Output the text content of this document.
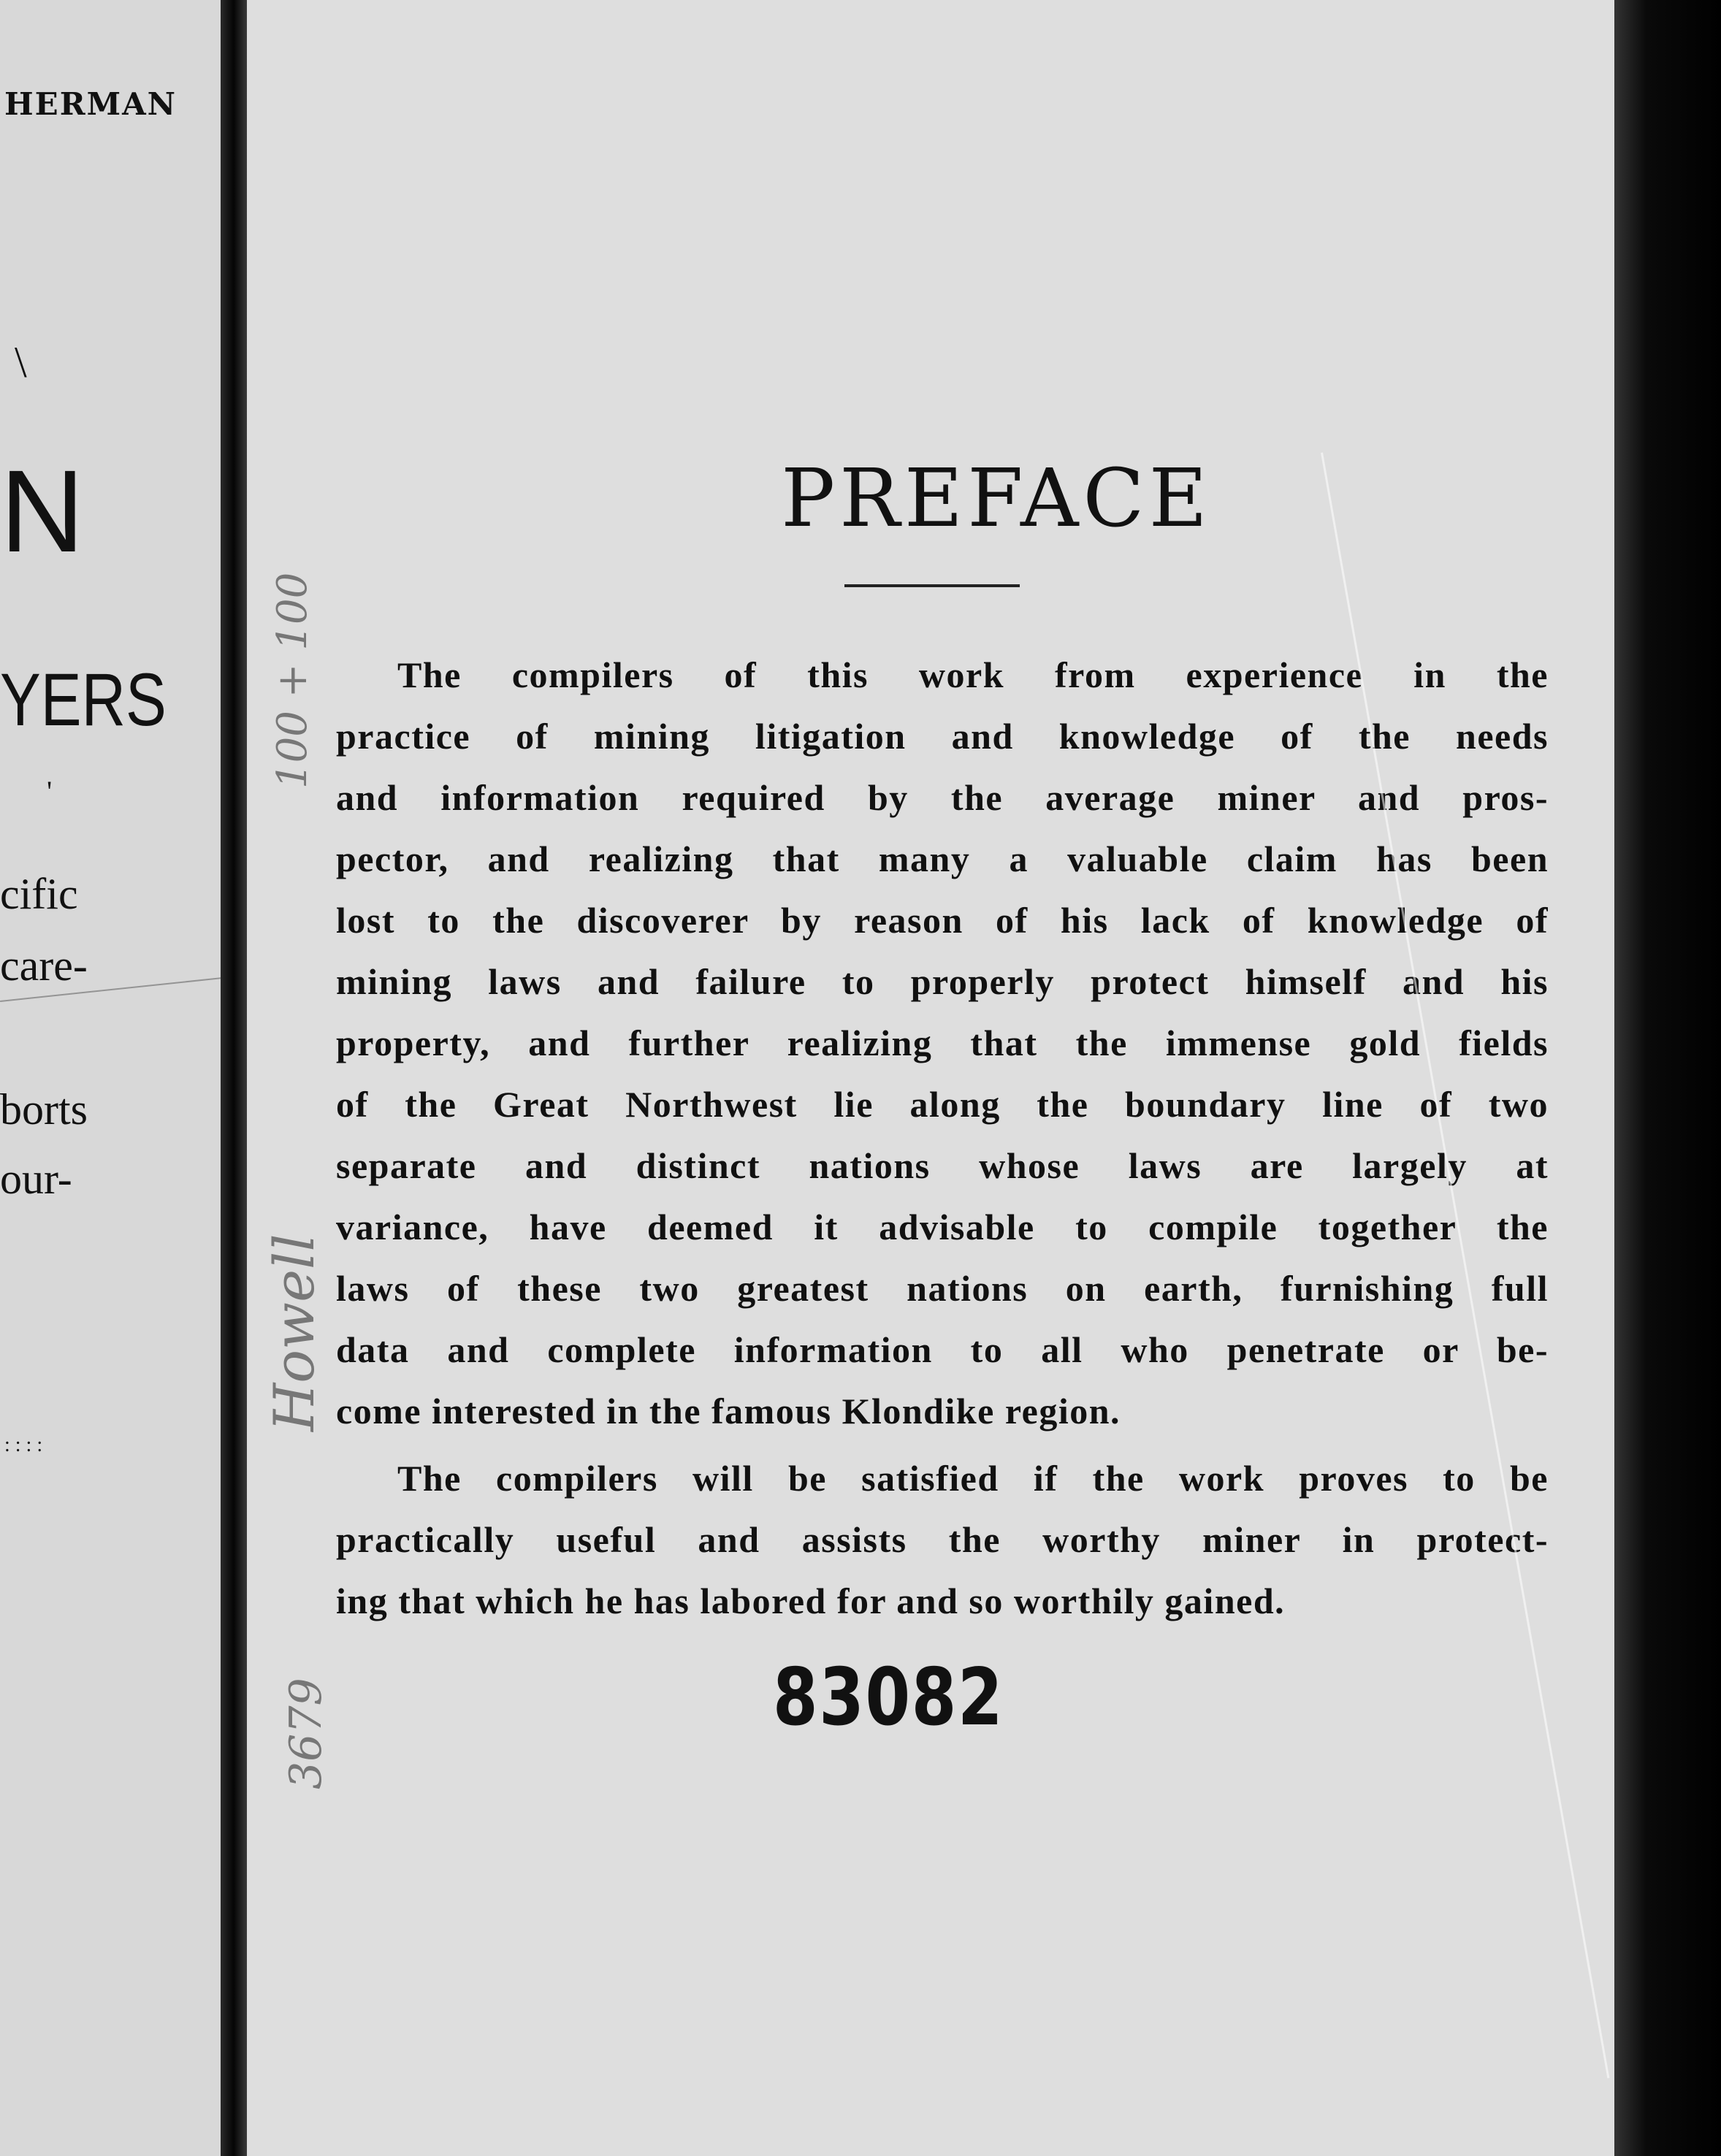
HERMAN
\
N
YERS
'
cific
care-
borts
our-
: : : :
100 + 100
Howell
3679
PREFACE
The compilers of this work from experience in the
practice of mining litigation and knowledge of the needs
and information required by the average miner and pros-
pector, and realizing that many a valuable claim has been
lost to the discoverer by reason of his lack of knowledge of
mining laws and failure to properly protect himself and his
property, and further realizing that the immense gold fields
of the Great Northwest lie along the boundary line of two
separate and distinct nations whose laws are largely at
variance, have deemed it advisable to compile together the
laws of these two greatest nations on earth, furnishing full
data and complete information to all who penetrate or be-
come interested in the famous Klondike region.
The compilers will be satisfied if the work proves to be
practically useful and assists the worthy miner in protect-
ing that which he has labored for and so worthily gained.
83082
